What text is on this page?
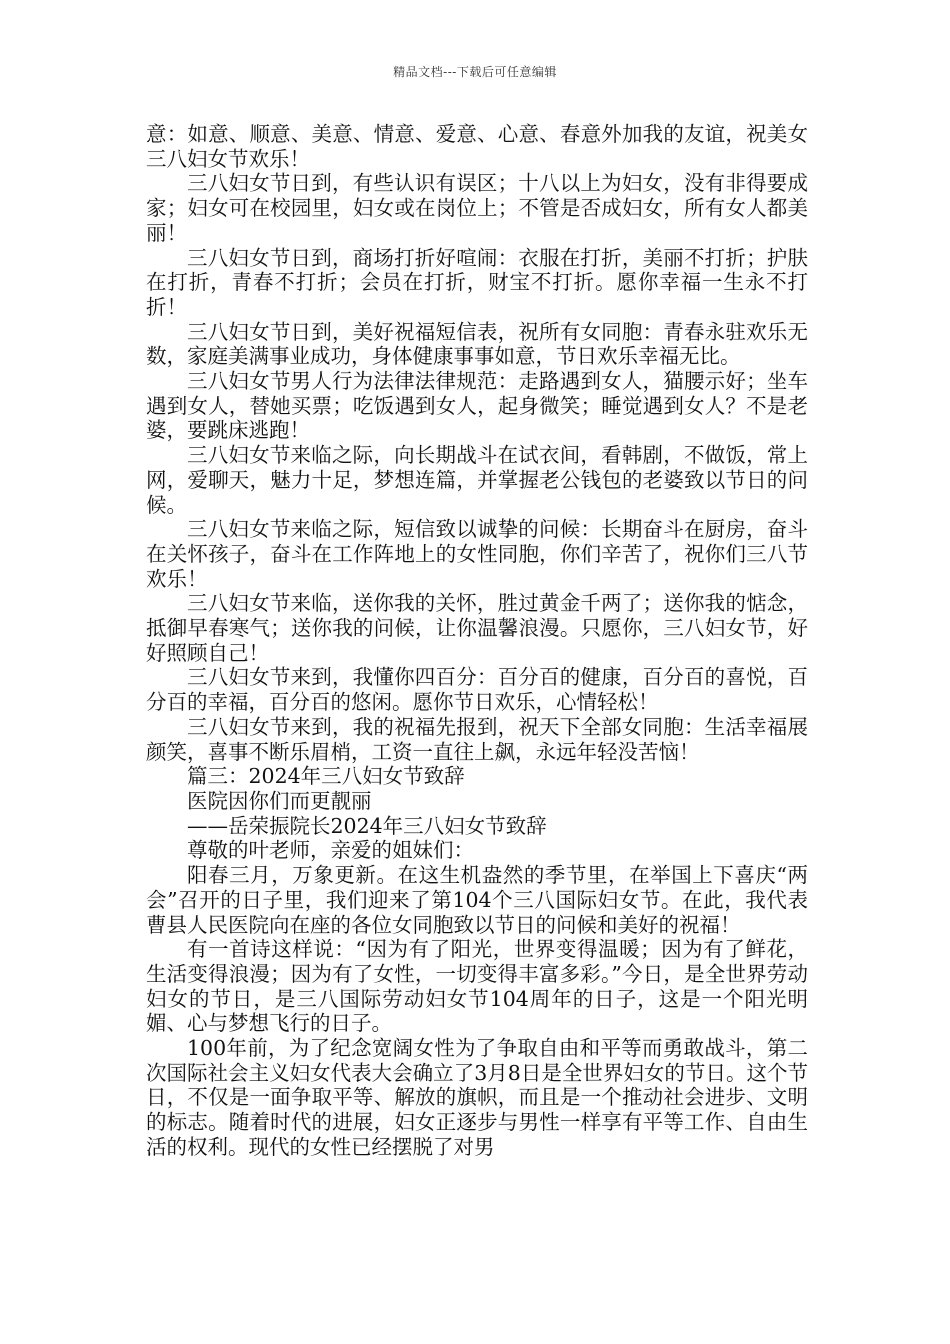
精品文档---下载后可任意编辑

意：如意、顺意、美意、情意、爱意、心意、春意外加我的友谊，祝美女三八妇女节欢乐！

三八妇女节日到，有些认识有误区；十八以上为妇女，没有非得要成家；妇女可在校园里，妇女或在岗位上；不管是否成妇女，所有女人都美丽！

三八妇女节日到，商场打折好喧闹：衣服在打折，美丽不打折；护肤在打折，青春不打折；会员在打折，财宝不打折。愿你幸福一生永不打折！

三八妇女节日到，美好祝福短信表，祝所有女同胞：青春永驻欢乐无数，家庭美满事业成功，身体健康事事如意，节日欢乐幸福无比。

三八妇女节男人行为法律法律规范：走路遇到女人，猫腰示好；坐车遇到女人，替她买票；吃饭遇到女人，起身微笑；睡觉遇到女人？不是老婆，要跳床逃跑！

三八妇女节来临之际，向长期战斗在试衣间，看韩剧，不做饭，常上网，爱聊天，魅力十足，梦想连篇，并掌握老公钱包的老婆致以节日的问候。

三八妇女节来临之际，短信致以诚挚的问候：长期奋斗在厨房，奋斗在关怀孩子，奋斗在工作阵地上的女性同胞，你们辛苦了，祝你们三八节欢乐！

三八妇女节来临，送你我的关怀，胜过黄金千两了；送你我的惦念，抵御早春寒气；送你我的问候，让你温馨浪漫。只愿你，三八妇女节，好好照顾自己！

三八妇女节来到，我懂你四百分：百分百的健康，百分百的喜悦，百分百的幸福，百分百的悠闲。愿你节日欢乐，心情轻松！

三八妇女节来到，我的祝福先报到，祝天下全部女同胞：生活幸福展颜笑，喜事不断乐眉梢，工资一直往上飙，永远年轻没苦恼！

篇三：2024年三八妇女节致辞

医院因你们而更靓丽

——岳荣振院长2024年三八妇女节致辞

尊敬的叶老师，亲爱的姐妹们：

阳春三月，万象更新。在这生机盎然的季节里，在举国上下喜庆“两会”召开的日子里，我们迎来了第104个三八国际妇女节。在此，我代表曹县人民医院向在座的各位女同胞致以节日的问候和美好的祝福！

有一首诗这样说：“因为有了阳光，世界变得温暖；因为有了鲜花，生活变得浪漫；因为有了女性，一切变得丰富多彩。”今日，是全世界劳动妇女的节日，是三八国际劳动妇女节104周年的日子，这是一个阳光明媚、心与梦想飞行的日子。

100年前，为了纪念宽阔女性为了争取自由和平等而勇敢战斗，第二次国际社会主义妇女代表大会确立了3月8日是全世界妇女的节日。这个节日，不仅是一面争取平等、解放的旗帜，而且是一个推动社会进步、文明的标志。随着时代的进展，妇女正逐步与男性一样享有平等工作、自由生活的权利。现代的女性已经摆脱了对男
